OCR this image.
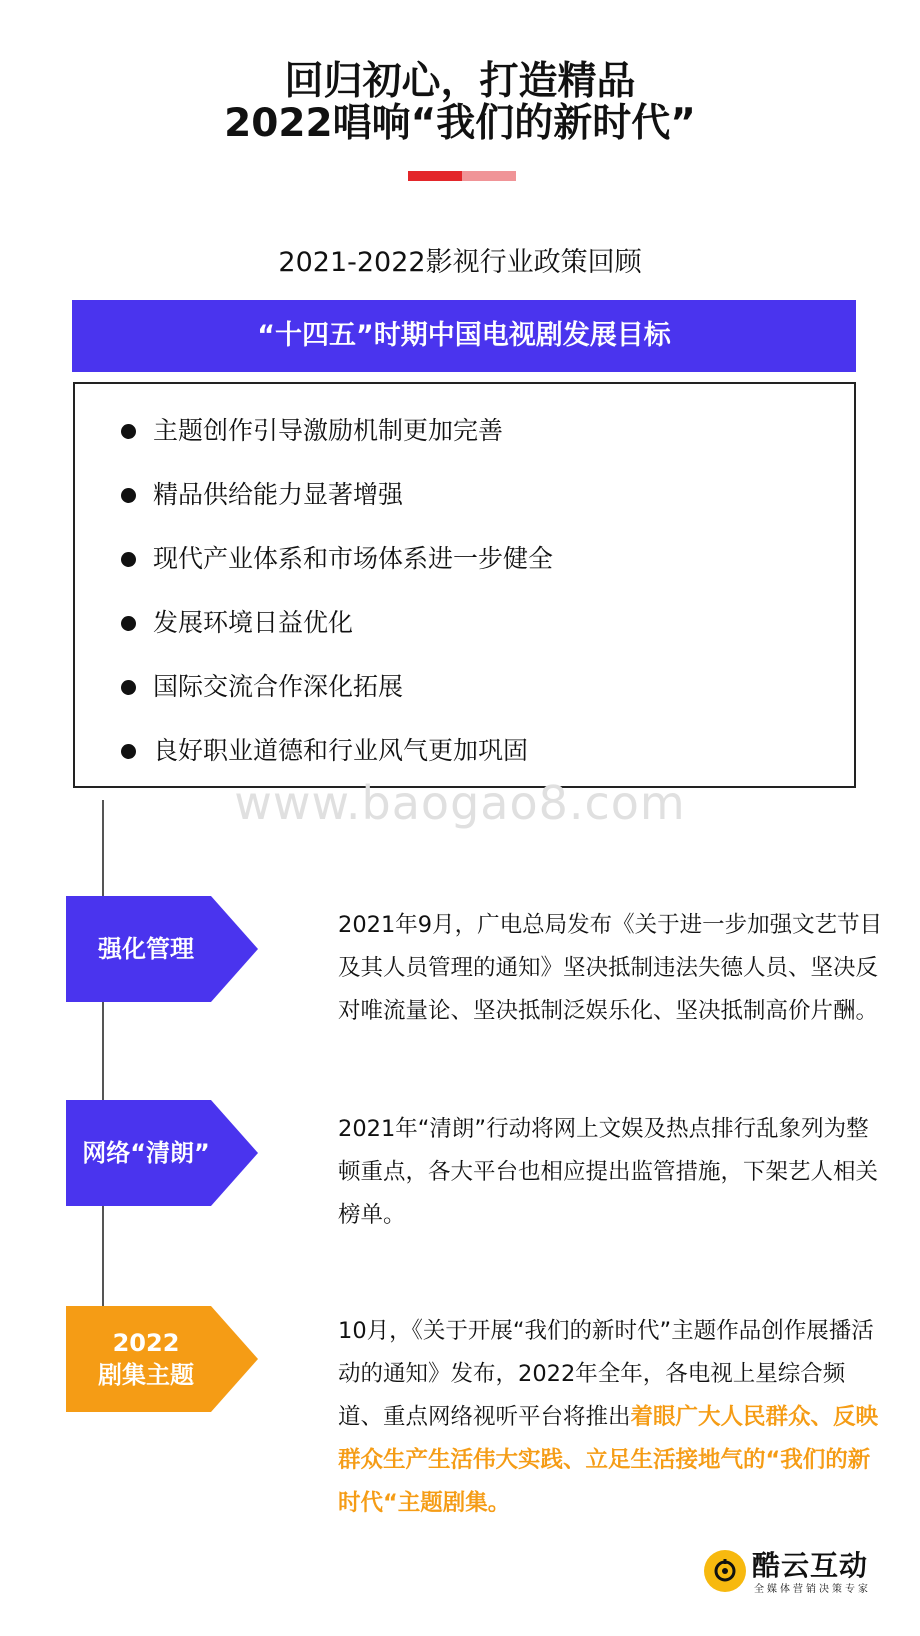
回归初心，打造精品
2022唱响“我们的新时代”
2021-2022影视行业政策回顾
“十四五”时期中国电视剧发展目标
主题创作引导激励机制更加完善
精品供给能力显著增强
现代产业体系和市场体系进一步健全
发展环境日益优化
国际交流合作深化拓展
良好职业道德和行业风气更加巩固
www.baogao8.com
强化管理
2021年9月，广电总局发布《关于进一步加强文艺节目及其人员管理的通知》坚决抵制违法失德人员、坚决反对唯流量论、坚决抵制泛娱乐化、坚决抵制高价片酬。
网络“清朗”
2021年“清朗”行动将网上文娱及热点排行乱象列为整顿重点，各大平台也相应提出监管措施，下架艺人相关榜单。
2022
剧集主题
10月，《关于开展“我们的新时代”主题作品创作展播活动的通知》发布，2022年全年，各电视上星综合频道、重点网络视听平台将推出着眼广大人民群众、反映群众生产生活伟大实践、立足生活接地气的“我们的新时代“主题剧集。
酷云互动
全媒体营销决策专家
